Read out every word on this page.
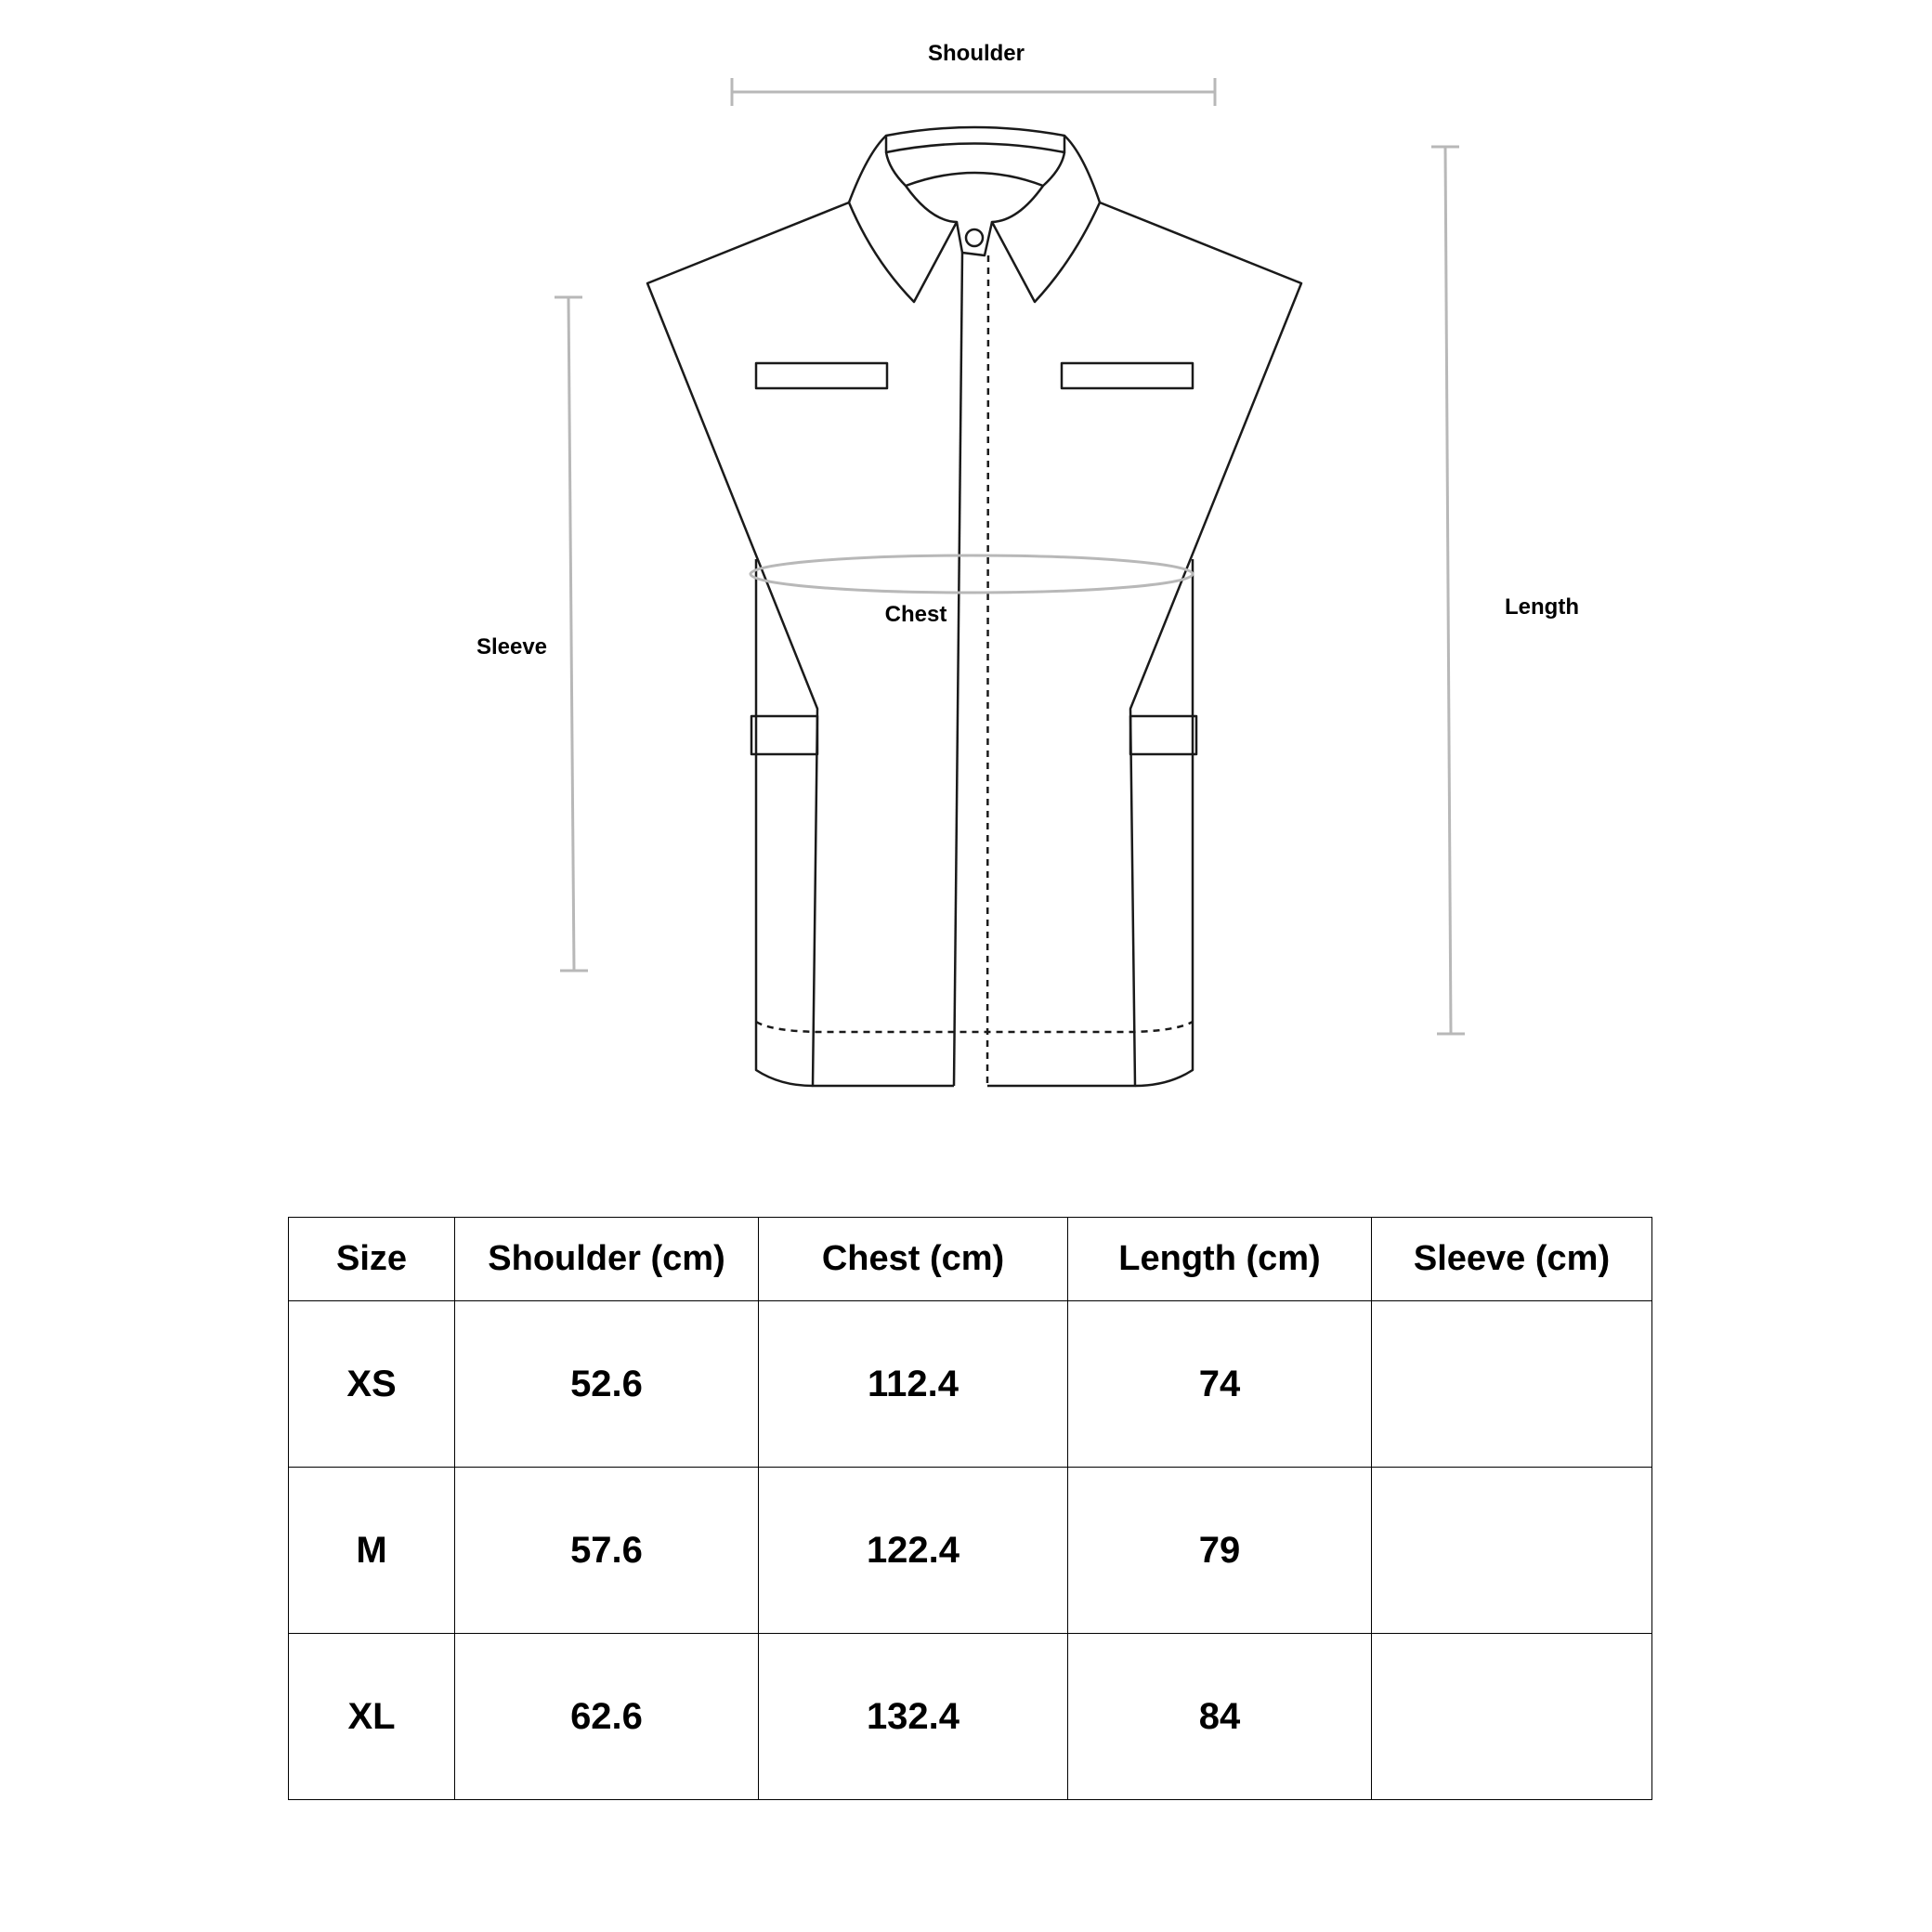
Shoulder
Chest
Sleeve
Length
Size	Shoulder (cm)	Chest (cm)	Length (cm)	Sleeve (cm)
XS	52.6	112.4	74	
M	57.6	122.4	79	
XL	62.6	132.4	84	
